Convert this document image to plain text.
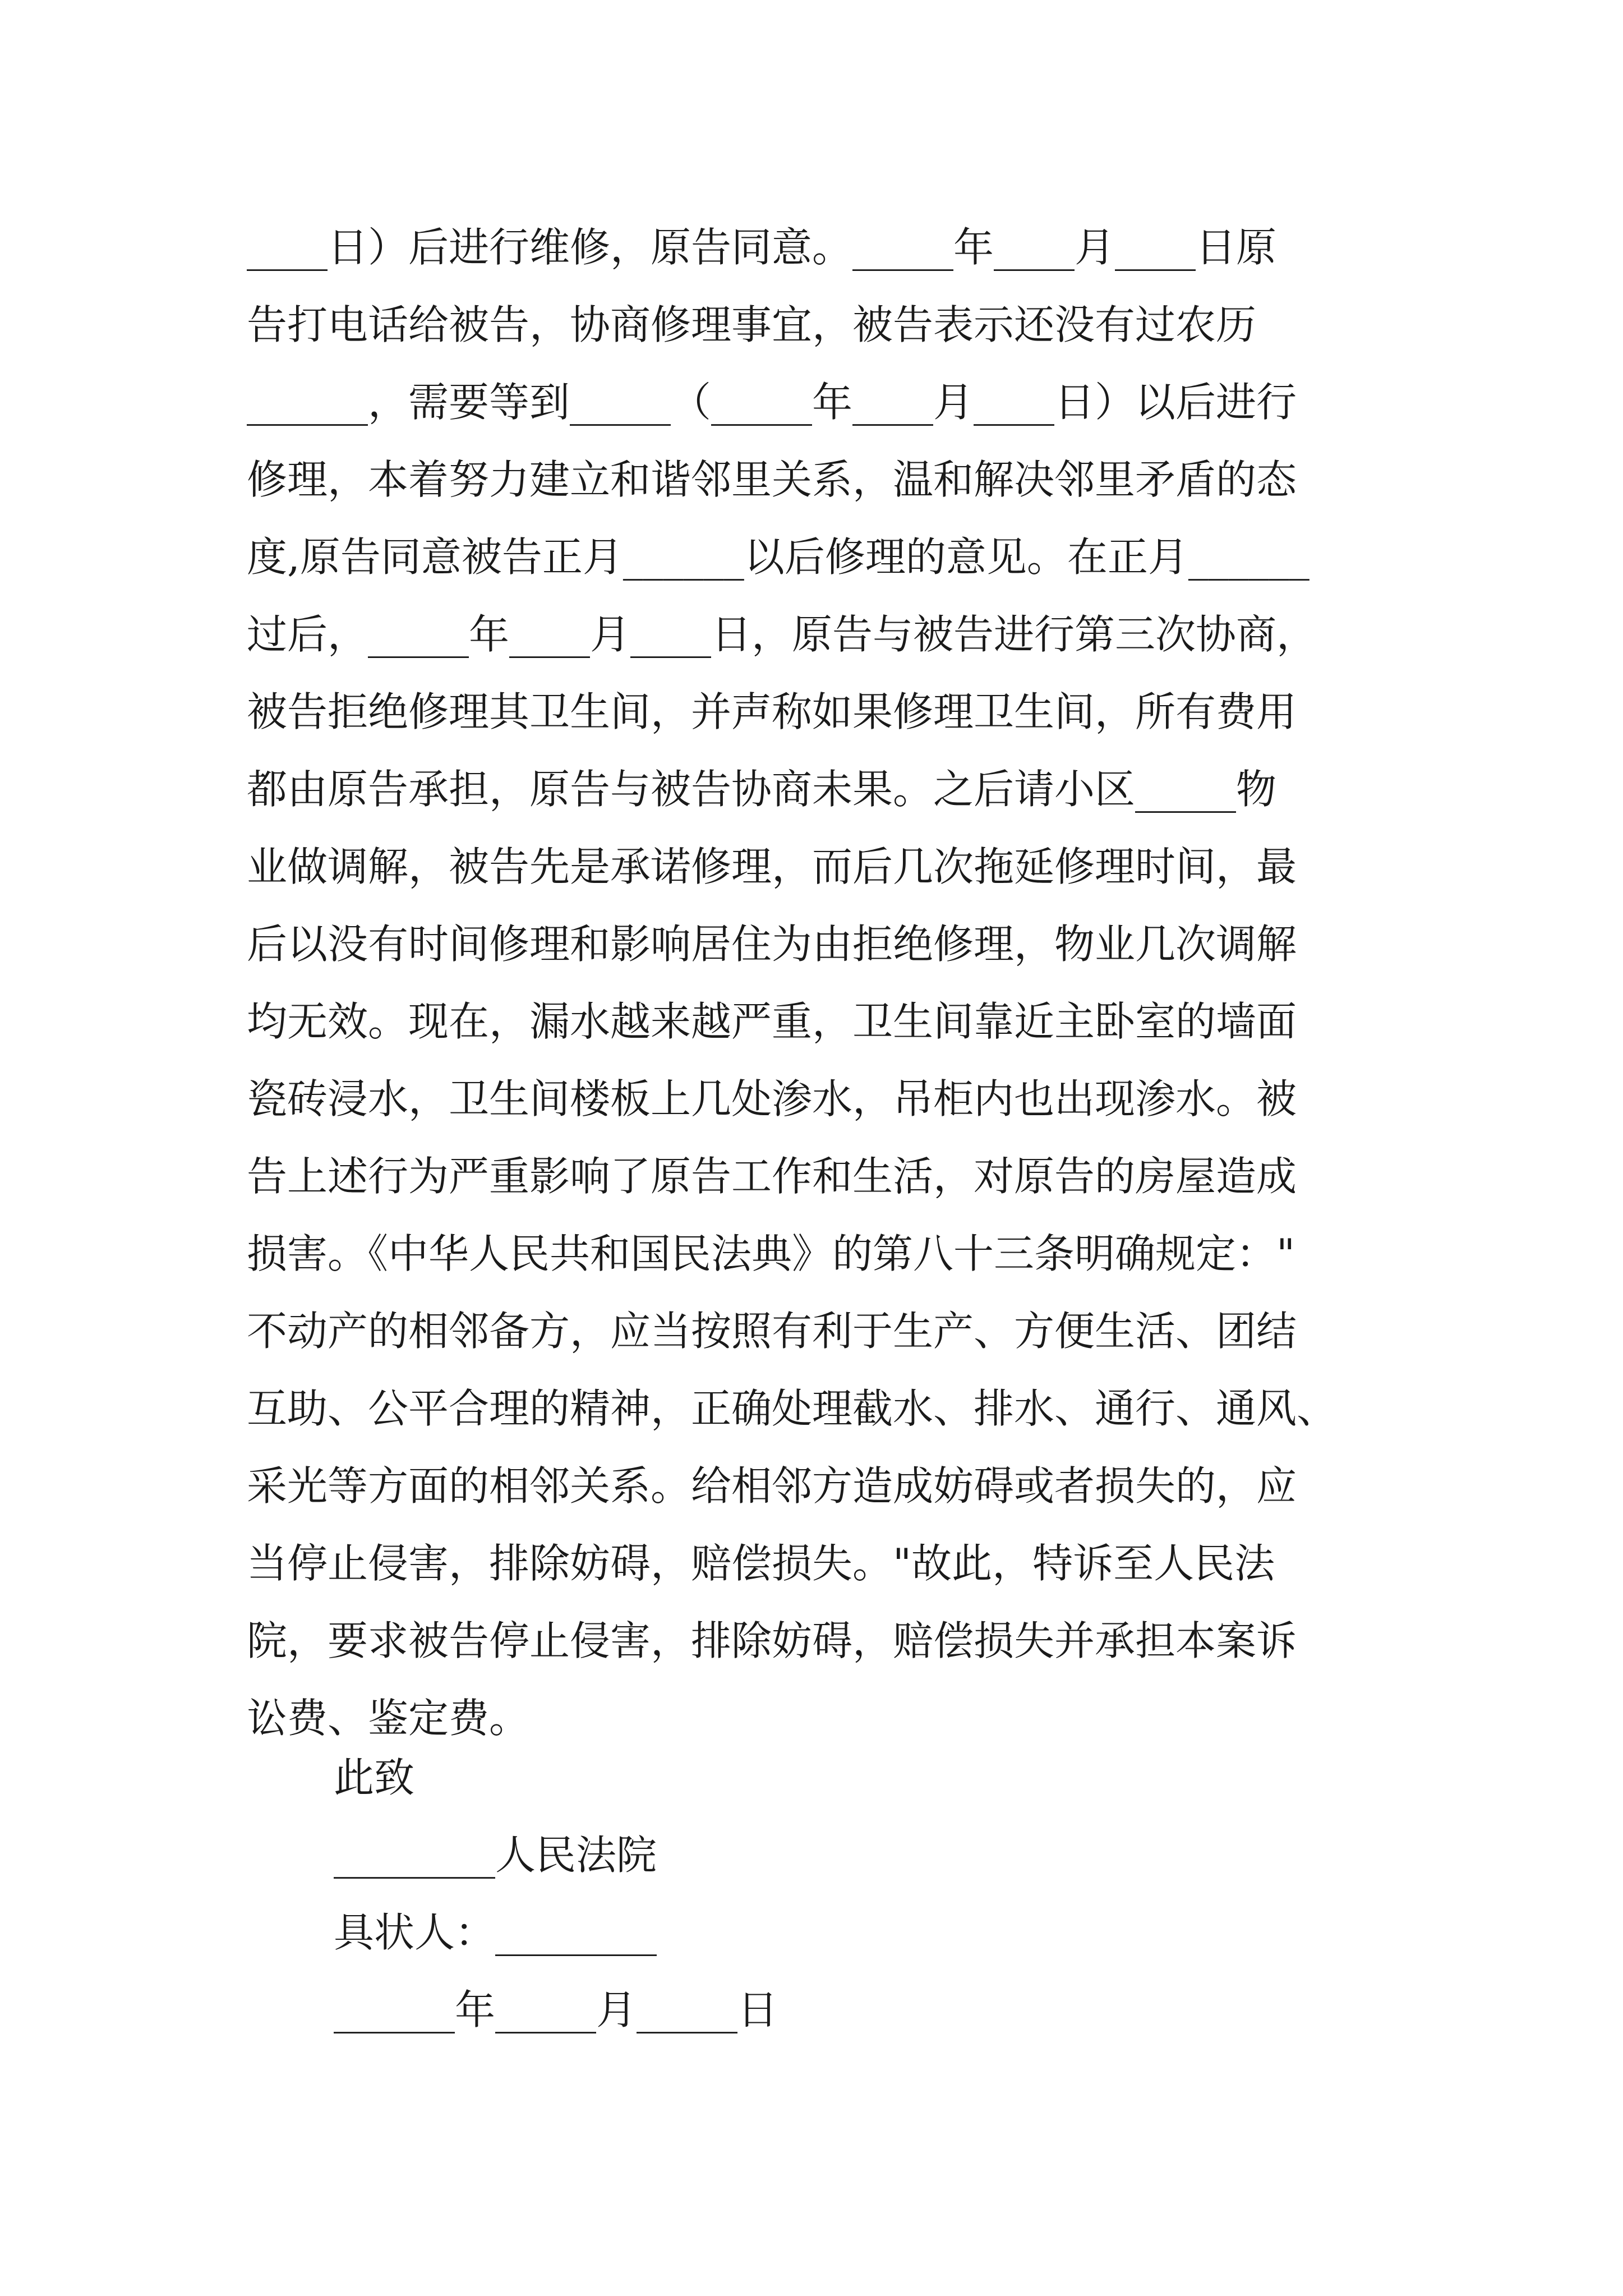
____日）后进行维修，原告同意。_____年____月____日原
告打电话给被告，协商修理事宜，被告表示还没有过农历
______，需要等到_____（_____年____月____日）以后进行
修理，本着努力建立和谐邻里关系，温和解决邻里矛盾的态
度,原告同意被告正月______以后修理的意见。在正月______
过后，_____年____月____日，原告与被告进行第三次协商，
被告拒绝修理其卫生间，并声称如果修理卫生间，所有费用
都由原告承担，原告与被告协商未果。之后请小区_____物
业做调解，被告先是承诺修理，而后几次拖延修理时间，最
后以没有时间修理和影响居住为由拒绝修理，物业几次调解
均无效。现在，漏水越来越严重，卫生间靠近主卧室的墙面
瓷砖浸水，卫生间楼板上几处渗水，吊柜内也出现渗水。被
告上述行为严重影响了原告工作和生活，对原告的房屋造成
损害。《中华人民共和国民法典》的第八十三条明确规定："
不动产的相邻备方，应当按照有利于生产、方便生活、团结
互助、公平合理的精神，正确处理截水、排水、通行、通风、
采光等方面的相邻关系。给相邻方造成妨碍或者损失的，应
当停止侵害，排除妨碍，赔偿损失。"故此，特诉至人民法
院，要求被告停止侵害，排除妨碍，赔偿损失并承担本案诉
讼费、鉴定费。
此致
________人民法院
具状人：________
______年_____月_____日
